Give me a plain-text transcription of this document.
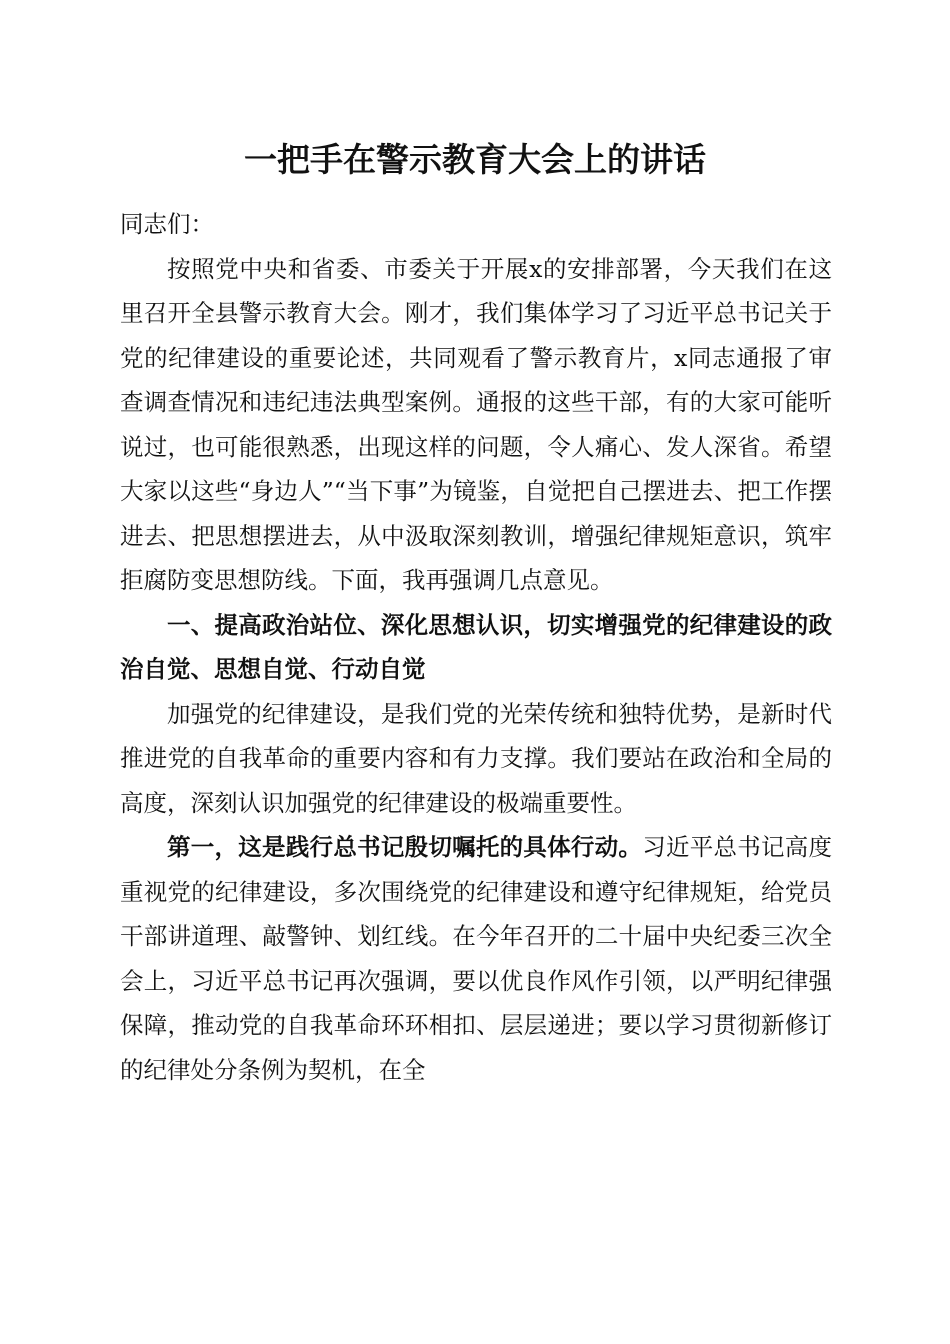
一把手在警示教育大会上的讲话

同志们：

按照党中央和省委、市委关于开展x的安排部署，今天我们在这里召开全县警示教育大会。刚才，我们集体学习了习近平总书记关于党的纪律建设的重要论述，共同观看了警示教育片，x同志通报了审查调查情况和违纪违法典型案例。通报的这些干部，有的大家可能听说过，也可能很熟悉，出现这样的问题，令人痛心、发人深省。希望大家以这些“身边人”“当下事”为镜鉴，自觉把自己摆进去、把工作摆进去、把思想摆进去，从中汲取深刻教训，增强纪律规矩意识，筑牢拒腐防变思想防线。下面，我再强调几点意见。

一、提高政治站位、深化思想认识，切实增强党的纪律建设的政治自觉、思想自觉、行动自觉

加强党的纪律建设，是我们党的光荣传统和独特优势，是新时代推进党的自我革命的重要内容和有力支撑。我们要站在政治和全局的高度，深刻认识加强党的纪律建设的极端重要性。

第一，这是践行总书记殷切嘱托的具体行动。习近平总书记高度重视党的纪律建设，多次围绕党的纪律建设和遵守纪律规矩，给党员干部讲道理、敲警钟、划红线。在今年召开的二十届中央纪委三次全会上，习近平总书记再次强调，要以优良作风作引领，以严明纪律强保障，推动党的自我革命环环相扣、层层递进；要以学习贯彻新修订的纪律处分条例为契机，在全
